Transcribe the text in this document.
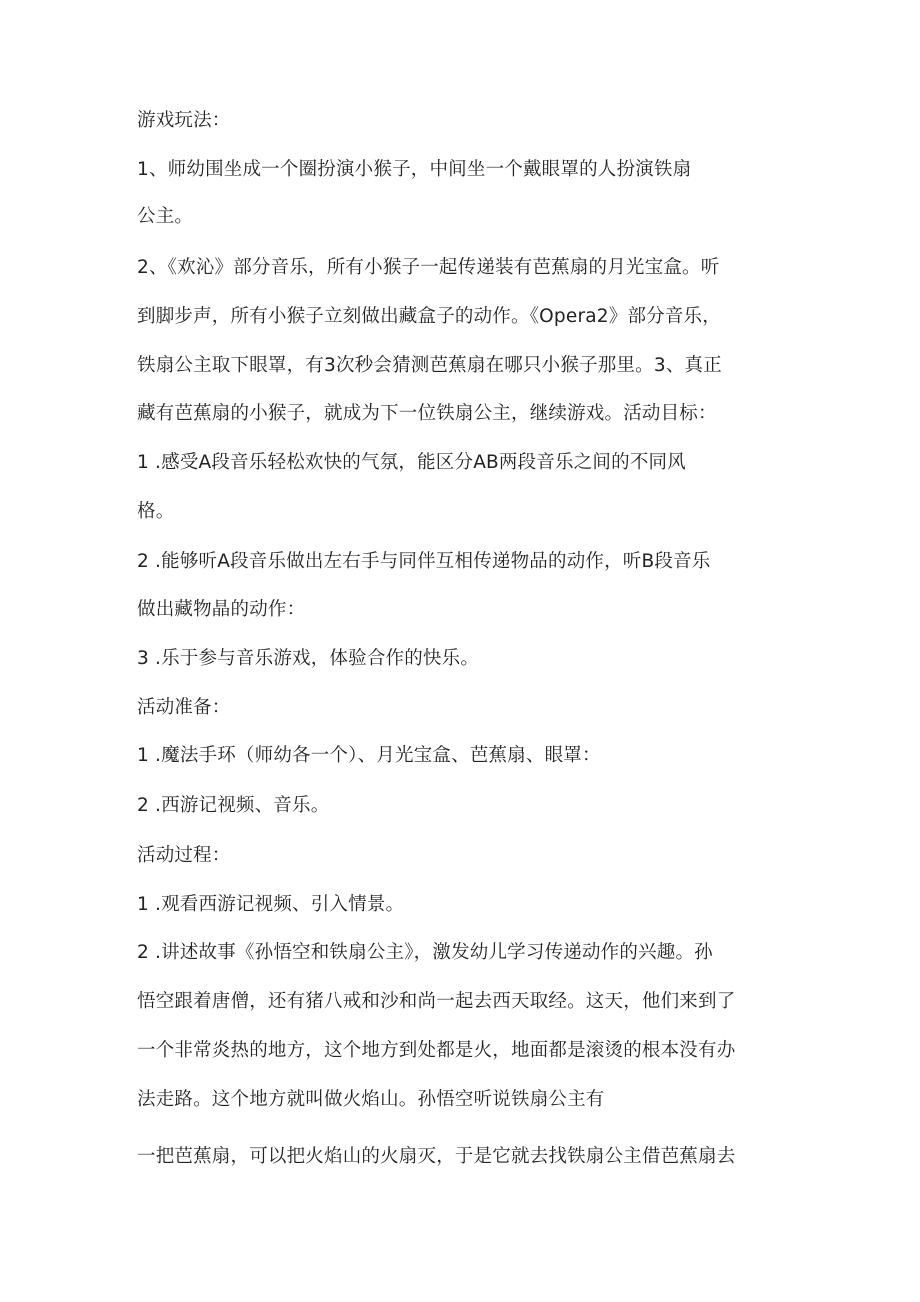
游戏玩法：
1、师幼围坐成一个圈扮演小猴子，中间坐一个戴眼罩的人扮演铁扇
公主。
2、《欢沁》部分音乐，所有小猴子一起传递装有芭蕉扇的月光宝盒。听
到脚步声，所有小猴子立刻做出藏盒子的动作。《Opera2》部分音乐，
铁扇公主取下眼罩，有3次秒会猜测芭蕉扇在哪只小猴子那里。3、真正
藏有芭蕉扇的小猴子，就成为下一位铁扇公主，继续游戏。活动目标：
1 .感受A段音乐轻松欢快的气氛，能区分AB两段音乐之间的不同风
格。
2 .能够听A段音乐做出左右手与同伴互相传递物品的动作，听B段音乐
做出藏物晶的动作：
3 .乐于参与音乐游戏，体验合作的快乐。
活动准备：
1 .魔法手环（师幼各一个）、月光宝盒、芭蕉扇、眼罩：
2 .西游记视频、音乐。
活动过程：
1 .观看西游记视频、引入情景。
2 .讲述故事《孙悟空和铁扇公主》，激发幼儿学习传递动作的兴趣。孙
悟空跟着唐僧，还有猪八戒和沙和尚一起去西天取经。这天，他们来到了
一个非常炎热的地方，这个地方到处都是火，地面都是滚烫的根本没有办
法走路。这个地方就叫做火焰山。孙悟空听说铁扇公主有
一把芭蕉扇，可以把火焰山的火扇灭，于是它就去找铁扇公主借芭蕉扇去
